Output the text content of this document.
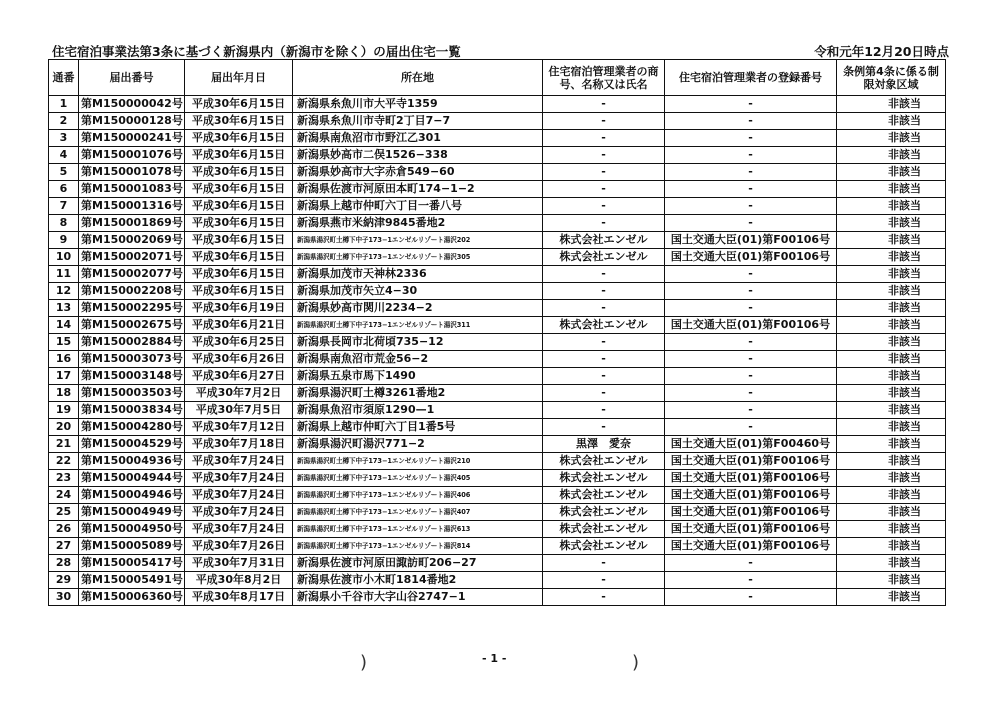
住宅宿泊事業法第3条に基づく新潟県内（新潟市を除く）の届出住宅一覧	令和元年12月20日時点
通番	届出番号	届出年月日	所在地	住宅宿泊管理業者の商号、名称又は氏名	住宅宿泊管理業者の登録番号	条例第4条に係る制限対象区域
1	第M150000042号	平成30年6月15日	新潟県糸魚川市大平寺1359	-	-	非該当
2	第M150000128号	平成30年6月15日	新潟県糸魚川市寺町2丁目7−7	-	-	非該当
3	第M150000241号	平成30年6月15日	新潟県南魚沼市市野江乙301	-	-	非該当
4	第M150001076号	平成30年6月15日	新潟県妙高市二俣1526−338	-	-	非該当
5	第M150001078号	平成30年6月15日	新潟県妙高市大字赤倉549−60	-	-	非該当
6	第M150001083号	平成30年6月15日	新潟県佐渡市河原田本町174−1−2	-	-	非該当
7	第M150001316号	平成30年6月15日	新潟県上越市仲町六丁目一番八号	-	-	非該当
8	第M150001869号	平成30年6月15日	新潟県燕市米納津9845番地2	-	-	非該当
9	第M150002069号	平成30年6月15日	新潟県湯沢町土樽下中子173−1エンゼルリゾート湯沢202	株式会社エンゼル	国土交通大臣(01)第F00106号	非該当
10	第M150002071号	平成30年6月15日	新潟県湯沢町土樽下中子173−1エンゼルリゾート湯沢305	株式会社エンゼル	国土交通大臣(01)第F00106号	非該当
11	第M150002077号	平成30年6月15日	新潟県加茂市天神林2336	-	-	非該当
12	第M150002208号	平成30年6月15日	新潟県加茂市矢立4−30	-	-	非該当
13	第M150002295号	平成30年6月19日	新潟県妙高市関川2234−2	-	-	非該当
14	第M150002675号	平成30年6月21日	新潟県湯沢町土樽下中子173−1エンゼルリゾート湯沢311	株式会社エンゼル	国土交通大臣(01)第F00106号	非該当
15	第M150002884号	平成30年6月25日	新潟県長岡市北荷頃735−12	-	-	非該当
16	第M150003073号	平成30年6月26日	新潟県南魚沼市荒金56−2	-	-	非該当
17	第M150003148号	平成30年6月27日	新潟県五泉市馬下1490	-	-	非該当
18	第M150003503号	平成30年7月2日	新潟県湯沢町土樽3261番地2	-	-	非該当
19	第M150003834号	平成30年7月5日	新潟県魚沼市須原1290—1	-	-	非該当
20	第M150004280号	平成30年7月12日	新潟県上越市仲町六丁目1番5号	-	-	非該当
21	第M150004529号	平成30年7月18日	新潟県湯沢町湯沢771−2	黒澤　愛奈	国土交通大臣(01)第F00460号	非該当
22	第M150004936号	平成30年7月24日	新潟県湯沢町土樽下中子173−1エンゼルリゾート湯沢210	株式会社エンゼル	国土交通大臣(01)第F00106号	非該当
23	第M150004944号	平成30年7月24日	新潟県湯沢町土樽下中子173−1エンゼルリゾート湯沢405	株式会社エンゼル	国土交通大臣(01)第F00106号	非該当
24	第M150004946号	平成30年7月24日	新潟県湯沢町土樽下中子173−1エンゼルリゾート湯沢406	株式会社エンゼル	国土交通大臣(01)第F00106号	非該当
25	第M150004949号	平成30年7月24日	新潟県湯沢町土樽下中子173−1エンゼルリゾート湯沢407	株式会社エンゼル	国土交通大臣(01)第F00106号	非該当
26	第M150004950号	平成30年7月24日	新潟県湯沢町土樽下中子173−1エンゼルリゾート湯沢613	株式会社エンゼル	国土交通大臣(01)第F00106号	非該当
27	第M150005089号	平成30年7月26日	新潟県湯沢町土樽下中子173−1エンゼルリゾート湯沢814	株式会社エンゼル	国土交通大臣(01)第F00106号	非該当
28	第M150005417号	平成30年7月31日	新潟県佐渡市河原田諏訪町206−27	-	-	非該当
29	第M150005491号	平成30年8月2日	新潟県佐渡市小木町1814番地2	-	-	非該当
30	第M150006360号	平成30年8月17日	新潟県小千谷市大字山谷2747−1	-	-	非該当
- 1 -
)	)
